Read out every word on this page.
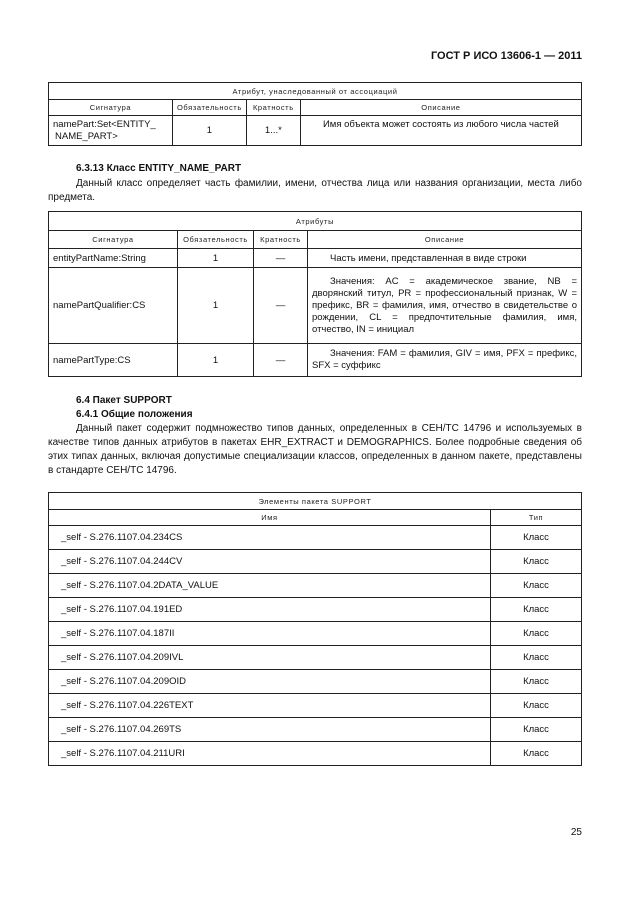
ГОСТ Р ИСО 13606-1 — 2011
Атрибут, унаследованный от ассоциаций			
Сигнатура	Обязательность	Кратность	Описание
namePart:Set<ENTITY_
NAME_PART>	1	1...*	Имя объекта может состоять из любого числа частей
6.3.13 Класс ENTITY_NAME_PART

Данный класс определяет часть фамилии, имени, отчества лица или названия организации, места либо предмета.

Атрибуты			
Сигнатура	Обязательность	Кратность	Описание
entityPartName:String	1	—	Часть имени, представленная в виде строки
namePartQualifier:CS	1	—	Значения: AC = академическое звание, NB = дворянский титул, PR = профессиональный признак, W = префикс, BR = фамилия, имя, отчество в свидетельстве о рождении, CL = предпочтительные фамилия, имя, отчество, IN = инициал
namePartType:CS	1	—	Значения: FAM = фамилия, GIV = имя, PFX = префикс, SFX = суффикс
6.4 Пакет SUPPORT
6.4.1 Общие положения

Данный пакет содержит подмножество типов данных, определенных в CEH/TC 14796 и используемых в качестве типов данных атрибутов в пакетах EHR_EXTRACT и DEMOGRAPHICS. Более подробные сведения об этих типах данных, включая допустимые специализации классов, определенных в данном пакете, представлены в стандарте CEH/TC 14796.

Элементы пакета SUPPORT	
Имя	Тип
_self - S.276.1107.04.234CS	Класс
_self - S.276.1107.04.244CV	Класс
_self - S.276.1107.04.2DATA_VALUE	Класс
_self - S.276.1107.04.191ED	Класс
_self - S.276.1107.04.187II	Класс
_self - S.276.1107.04.209IVL	Класс
_self - S.276.1107.04.209OID	Класс
_self - S.276.1107.04.226TEXT	Класс
_self - S.276.1107.04.269TS	Класс
_self - S.276.1107.04.211URI	Класс
25
